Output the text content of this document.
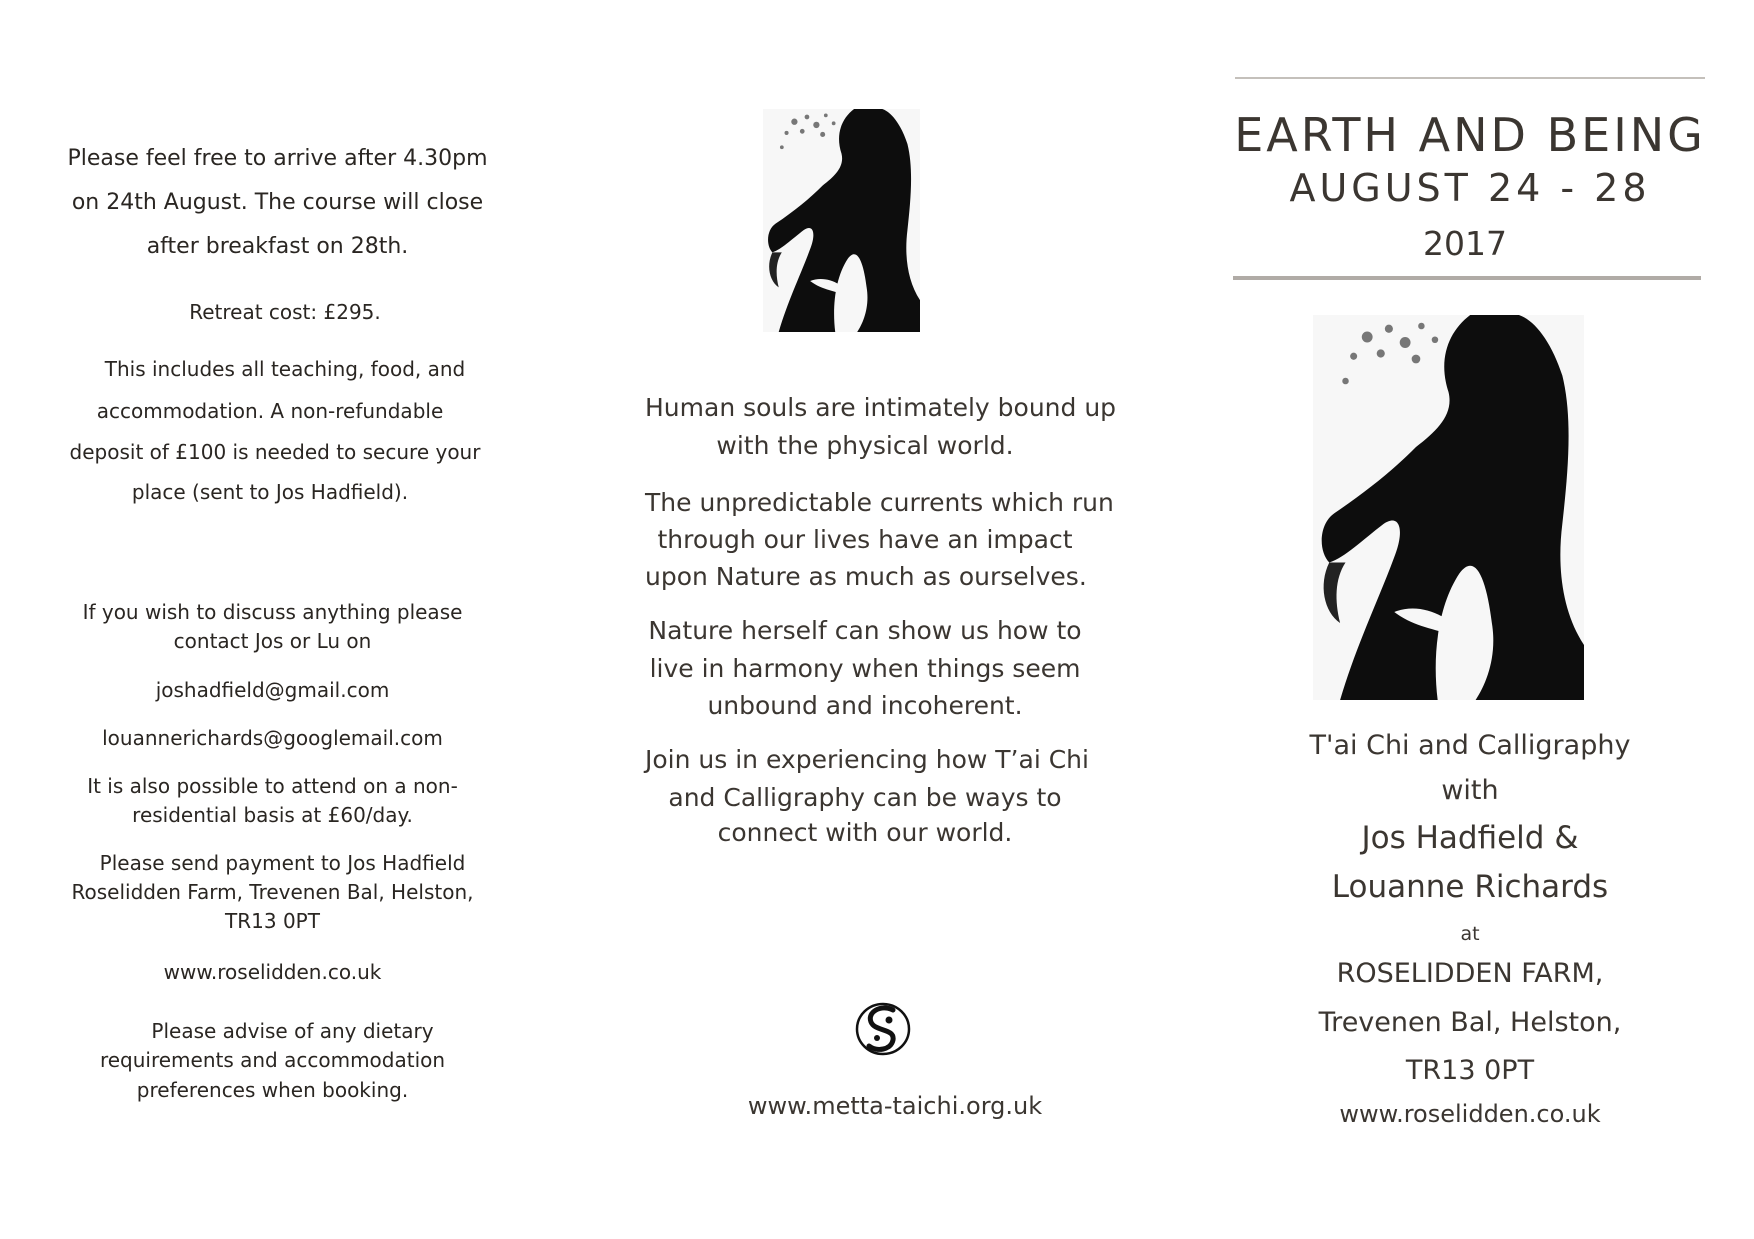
Please feel free to arrive after 4.30pm
on 24th August. The course will close
after breakfast on 28th.
Retreat cost: £295.
This includes all teaching, food, and
accommodation. A non-refundable
deposit of £100 is needed to secure your
place (sent to Jos Hadfield).
If you wish to discuss anything please
contact Jos or Lu on
joshadfield@gmail.com
louannerichards@googlemail.com
It is also possible to attend on a non-
residential basis at £60/day.
Please send payment to Jos Hadfield
Roselidden Farm, Trevenen Bal, Helston,
TR13 0PT
www.roselidden.co.uk
Please advise of any dietary
requirements and accommodation
preferences when booking.
Human souls are intimately bound up
with the physical world.
The unpredictable currents which run
through our lives have an impact
upon Nature as much as ourselves.
Nature herself can show us how to
live in harmony when things seem
unbound and incoherent.
Join us in experiencing how T’ai Chi
and Calligraphy can be ways to
connect with our world.
www.metta-taichi.org.uk
EARTH AND BEING
AUGUST 24 - 28
2017
T'ai Chi and Calligraphy
with
Jos Hadfield &
Louanne Richards
at
ROSELIDDEN FARM,
Trevenen Bal, Helston,
TR13 0PT
www.roselidden.co.uk
